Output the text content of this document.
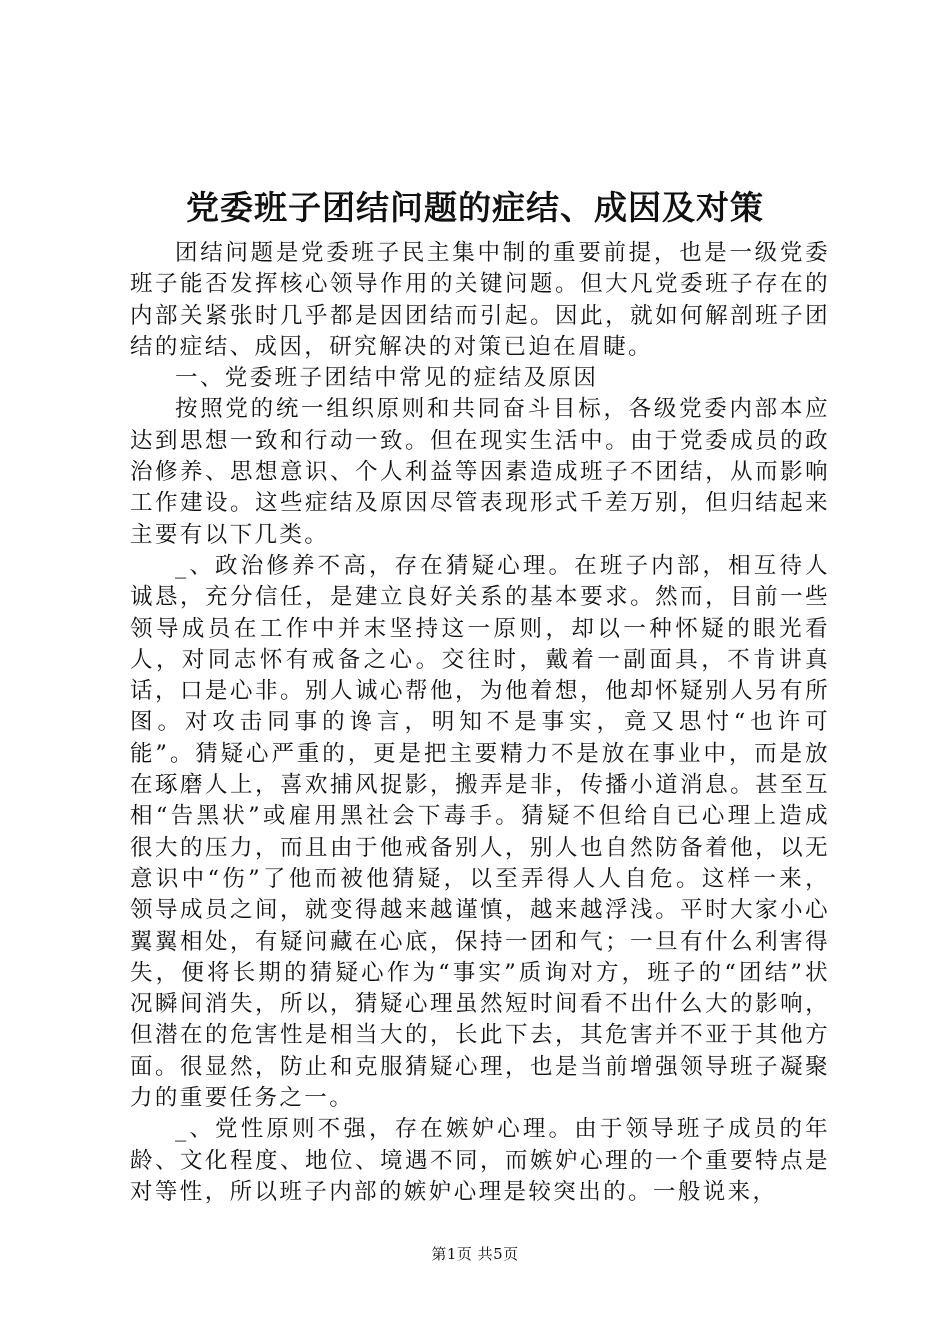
党委班子团结问题的症结、成因及对策

团结问题是党委班子民主集中制的重要前提，也是一级党委班子能否发挥核心领导作用的关键问题。但大凡党委班子存在的内部关紧张时几乎都是因团结而引起。因此，就如何解剖班子团结的症结、成因，研究解决的对策已迫在眉睫。

一、党委班子团结中常见的症结及原因

按照党的统一组织原则和共同奋斗目标，各级党委内部本应达到思想一致和行动一致。但在现实生活中。由于党委成员的政治修养、思想意识、个人利益等因素造成班子不团结，从而影响工作建设。这些症结及原因尽管表现形式千差万别，但归结起来主要有以下几类。

_、政治修养不高，存在猜疑心理。在班子内部，相互待人诚恳，充分信任，是建立良好关系的基本要求。然而，目前一些领导成员在工作中并末坚持这一原则，却以一种怀疑的眼光看人，对同志怀有戒备之心。交往时，戴着一副面具，不肯讲真话，口是心非。别人诚心帮他，为他着想，他却怀疑别人另有所图。对攻击同事的谗言，明知不是事实，竟又思忖“也许可能”。猜疑心严重的，更是把主要精力不是放在事业中，而是放在琢磨人上，喜欢捕风捉影，搬弄是非，传播小道消息。甚至互相“告黑状”或雇用黑社会下毒手。猜疑不但给自已心理上造成很大的压力，而且由于他戒备别人，别人也自然防备着他，以无意识中“伤”了他而被他猜疑，以至弄得人人自危。这样一来，领导成员之间，就变得越来越谨慎，越来越浮浅。平时大家小心翼翼相处，有疑问藏在心底，保持一团和气；一旦有什么利害得失，便将长期的猜疑心作为“事实”质询对方，班子的“团结”状况瞬间消失，所以，猜疑心理虽然短时间看不出什么大的影响，但潜在的危害性是相当大的，长此下去，其危害并不亚于其他方面。很显然，防止和克服猜疑心理，也是当前增强领导班子凝聚力的重要任务之一。

_、党性原则不强，存在嫉妒心理。由于领导班子成员的年龄、文化程度、地位、境遇不同，而嫉妒心理的一个重要特点是对等性，所以班子内部的嫉妒心理是较突出的。一般说来，

第1页 共5页
